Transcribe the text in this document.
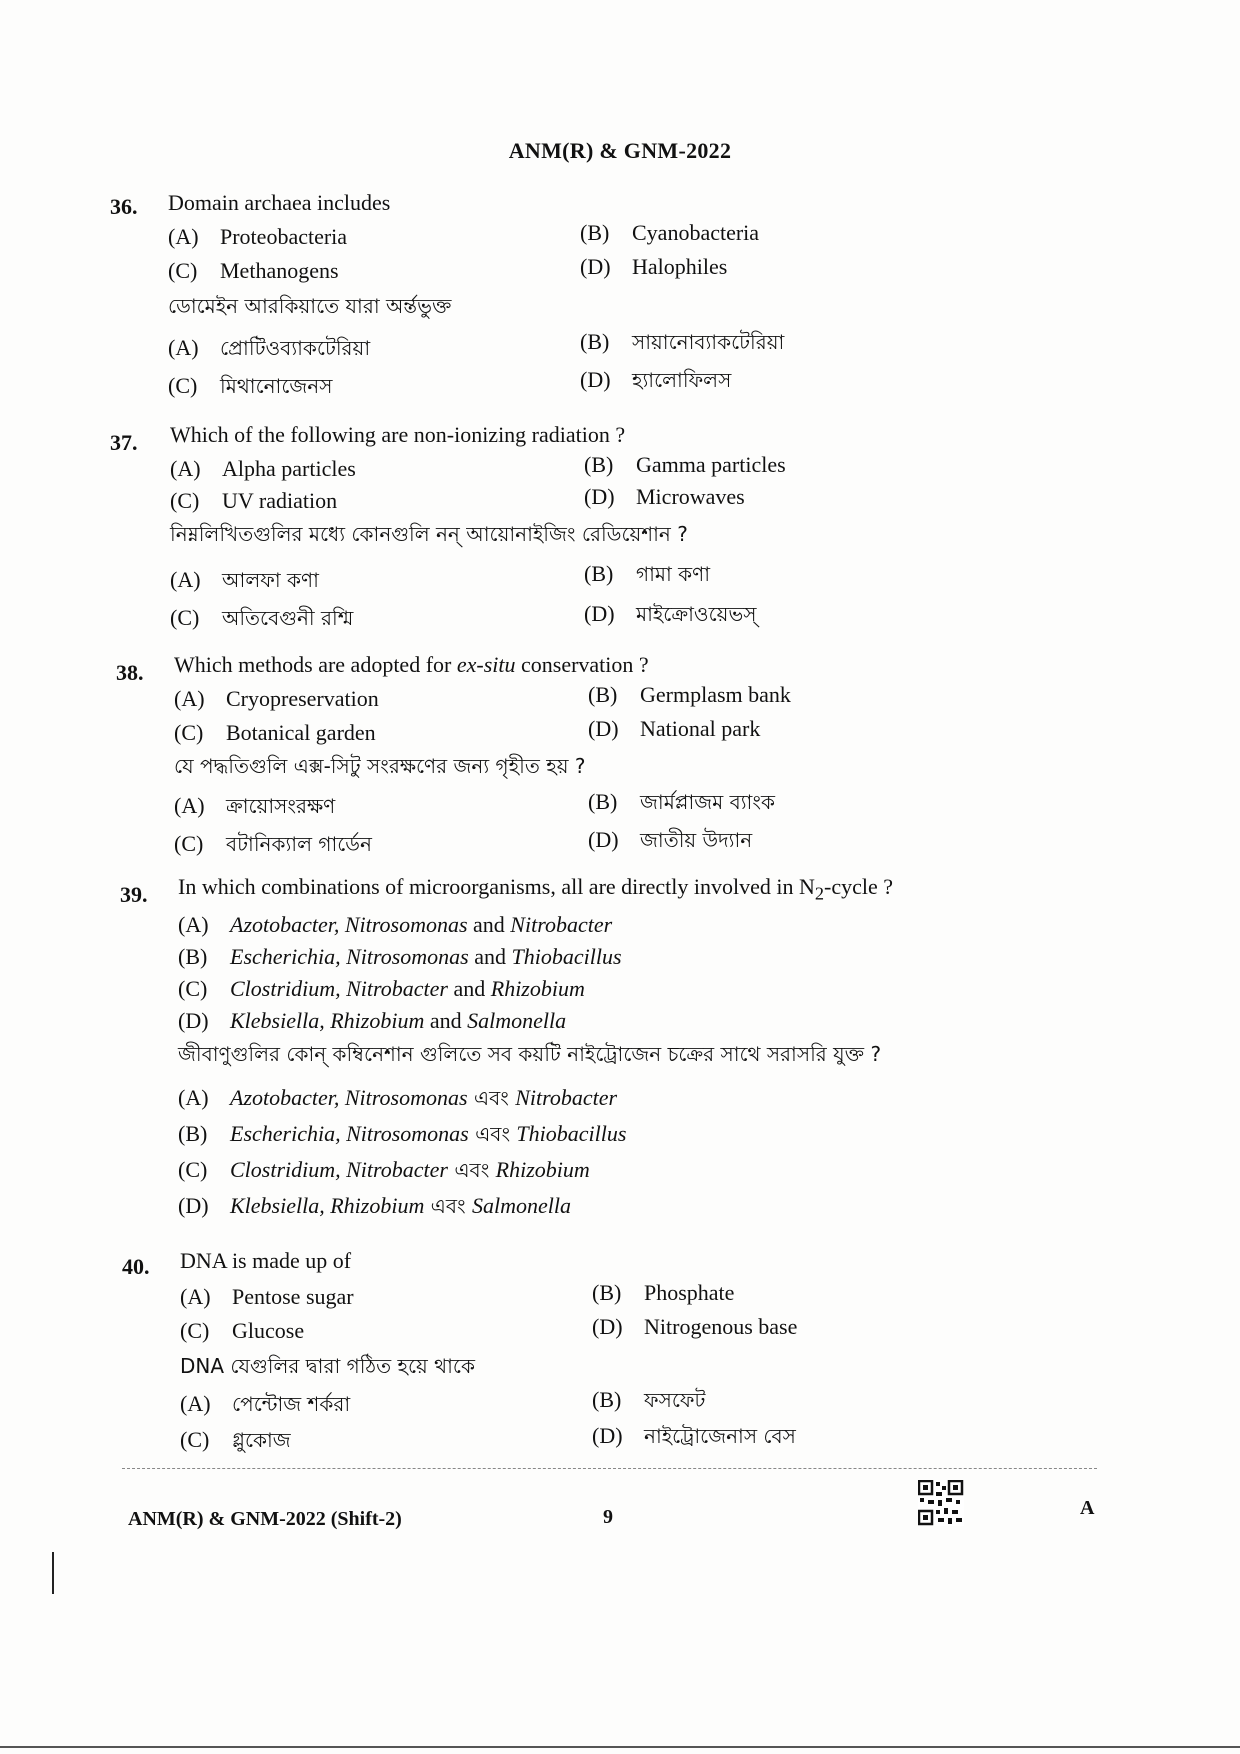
ANM(R) & GNM-2022
36. Domain archaea includes
(A) Proteobacteria	(B) Cyanobacteria
(C) Methanogens	(D) Halophiles
ডোমেইন আরকিয়াতে যারা অর্ন্তভুক্ত
(A) প্রোটিওব্যাকটেরিয়া	(B) সায়ানোব্যাকটেরিয়া
(C) মিথানোজেনস	(D) হ্যালোফিলস
37. Which of the following are non-ionizing radiation ?
(A) Alpha particles	(B) Gamma particles
(C) UV radiation	(D) Microwaves
নিম্নলিখিতগুলির মধ্যে কোনগুলি নন্ আয়োনাইজিং রেডিয়েশান ?
(A) আলফা কণা	(B) গামা কণা
(C) অতিবেগুনী রশ্মি	(D) মাইক্রোওয়েভস্
38. Which methods are adopted for ex-situ conservation ?
(A) Cryopreservation	(B) Germplasm bank
(C) Botanical garden	(D) National park
যে পদ্ধতিগুলি এক্স-সিটু সংরক্ষণের জন্য গৃহীত হয় ?
(A) ক্রায়োসংরক্ষণ	(B) জার্মপ্লাজম ব্যাংক
(C) বটানিক্যাল গার্ডেন	(D) জাতীয় উদ্যান
39. In which combinations of microorganisms, all are directly involved in $N_2$-cycle ?
(A) Azotobacter, Nitrosomonas and Nitrobacter
(B) Escherichia, Nitrosomonas and Thiobacillus
(C) Clostridium, Nitrobacter and Rhizobium
(D) Klebsiella, Rhizobium and Salmonella
জীবাণুগুলির কোন্ কম্বিনেশান গুলিতে সব কয়টি নাইট্রোজেন চক্রের সাথে সরাসরি যুক্ত ?
(A) Azotobacter, Nitrosomonas এবং Nitrobacter
(B) Escherichia, Nitrosomonas এবং Thiobacillus
(C) Clostridium, Nitrobacter এবং Rhizobium
(D) Klebsiella, Rhizobium এবং Salmonella
40. DNA is made up of
(A) Pentose sugar	(B) Phosphate
(C) Glucose	(D) Nitrogenous base
DNA যেগুলির দ্বারা গঠিত হয়ে থাকে
(A) পেন্টোজ শর্করা	(B) ফসফেট
(C) গ্লুকোজ	(D) নাইট্রোজেনাস বেস
ANM(R) & GNM-2022 (Shift-2)	9	A
